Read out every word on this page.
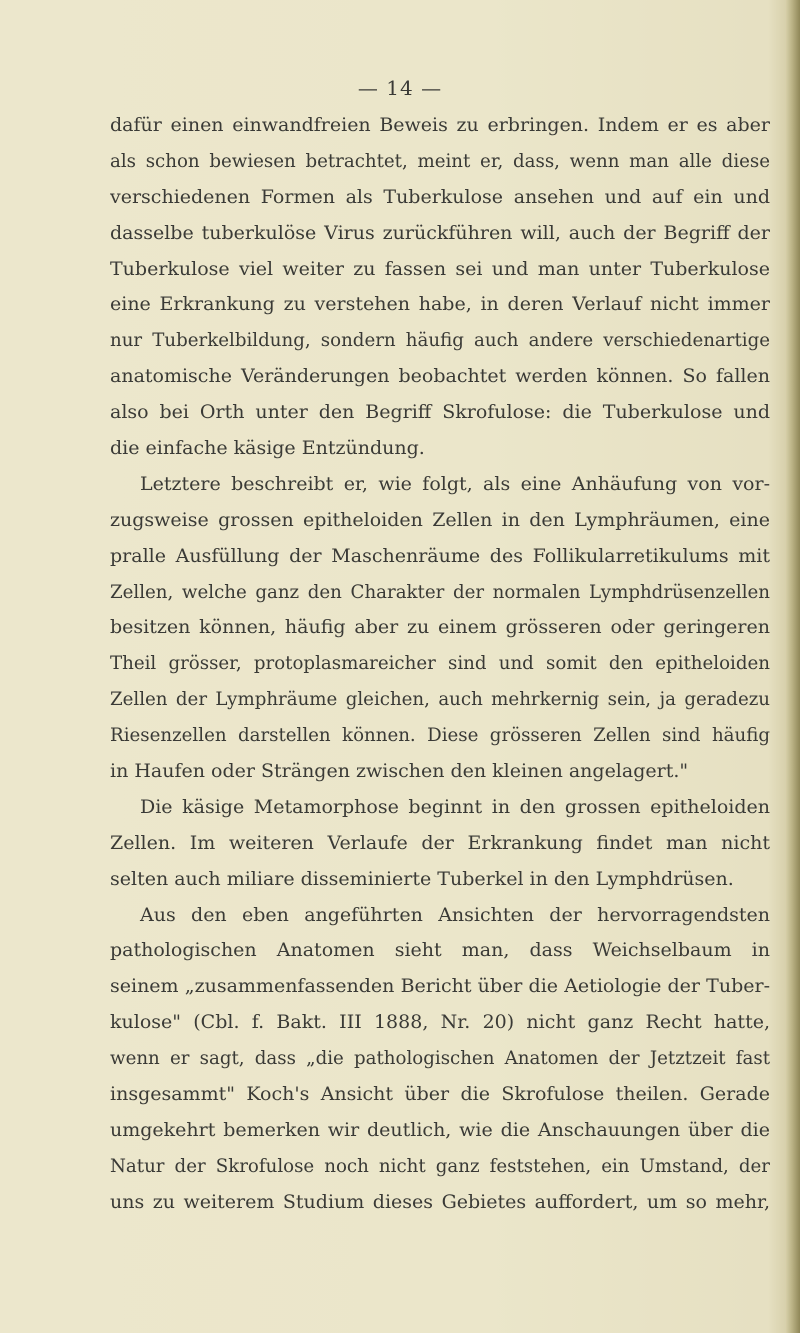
— 14 —
dafür einen einwandfreien Beweis zu erbringen. Indem er es aber
als schon bewiesen betrachtet, meint er, dass, wenn man alle diese
verschiedenen Formen als Tuberkulose ansehen und auf ein und
dasselbe tuberkulöse Virus zurückführen will, auch der Begriff der
Tuberkulose viel weiter zu fassen sei und man unter Tuberkulose
eine Erkrankung zu verstehen habe, in deren Verlauf nicht immer
nur Tuberkelbildung, sondern häufig auch andere verschiedenartige
anatomische Veränderungen beobachtet werden können. So fallen
also bei Orth unter den Begriff Skrofulose: die Tuberkulose und
die einfache käsige Entzündung.
Letztere beschreibt er, wie folgt, als eine Anhäufung von vor-
zugsweise grossen epitheloiden Zellen in den Lymphräumen, eine
pralle Ausfüllung der Maschenräume des Follikularretikulums mit
Zellen, welche ganz den Charakter der normalen Lymphdrüsenzellen
besitzen können, häufig aber zu einem grösseren oder geringeren
Theil grösser, protoplasmareicher sind und somit den epitheloiden
Zellen der Lymphräume gleichen, auch mehrkernig sein, ja geradezu
Riesenzellen darstellen können. Diese grösseren Zellen sind häufig
in Haufen oder Strängen zwischen den kleinen angelagert."
Die käsige Metamorphose beginnt in den grossen epitheloiden
Zellen. Im weiteren Verlaufe der Erkrankung findet man nicht
selten auch miliare disseminierte Tuberkel in den Lymphdrüsen.
Aus den eben angeführten Ansichten der hervorragendsten
pathologischen Anatomen sieht man, dass Weichselbaum in
seinem „zusammenfassenden Bericht über die Aetiologie der Tuber-
kulose" (Cbl. f. Bakt. III 1888, Nr. 20) nicht ganz Recht hatte,
wenn er sagt, dass „die pathologischen Anatomen der Jetztzeit fast
insgesammt" Koch's Ansicht über die Skrofulose theilen. Gerade
umgekehrt bemerken wir deutlich, wie die Anschauungen über die
Natur der Skrofulose noch nicht ganz feststehen, ein Umstand, der
uns zu weiterem Studium dieses Gebietes auffordert, um so mehr,
